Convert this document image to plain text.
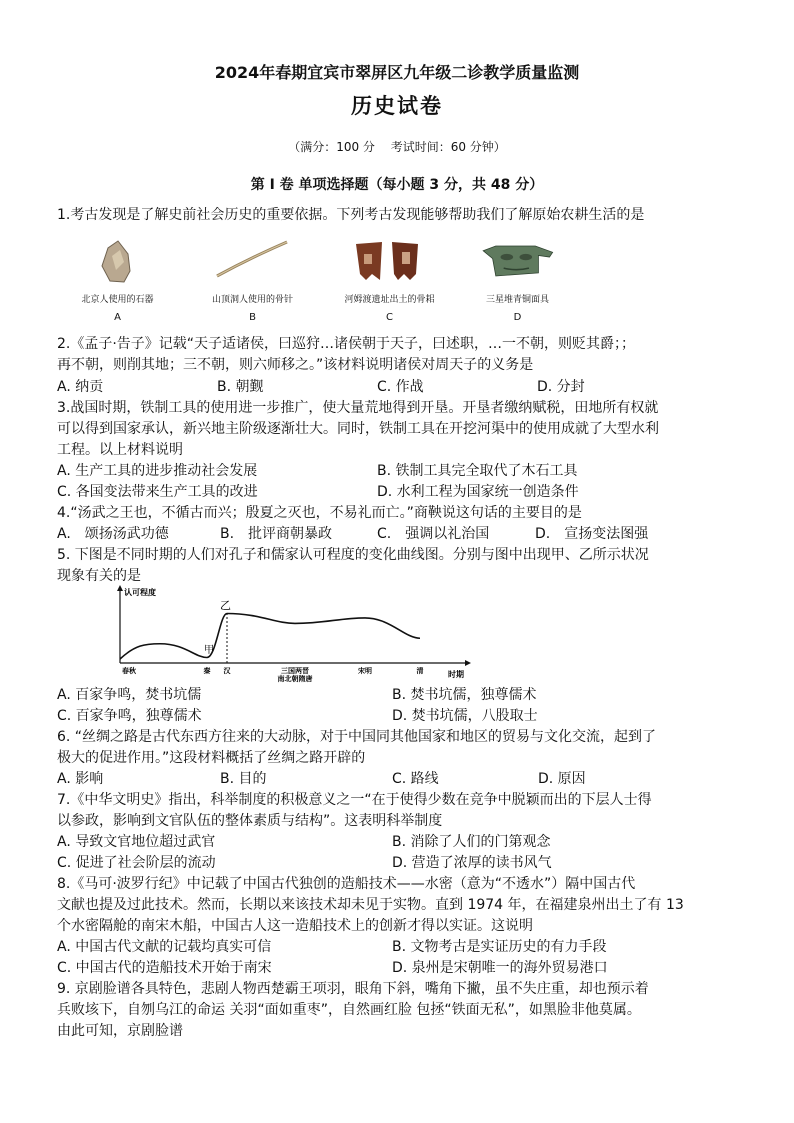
2024年春期宜宾市翠屏区九年级二诊教学质量监测
历史试卷
（满分：100 分　 考试时间：60 分钟）
第 I 卷 单项选择题（每小题 3 分，共 48 分）
1.考古发现是了解史前社会历史的重要依据。下列考古发现能够帮助我们了解原始农耕生活的是
北京人使用的石器
A
山顶洞人使用的骨针
B
河姆渡遗址出土的骨耜
C
三星堆青铜面具
D
2.《孟子·告子》记载“天子适诸侯，曰巡狩…诸侯朝于天子，曰述职，…一不朝，则贬其爵；；
再不朝，则削其地；三不朝，则六师移之。”该材料说明诸侯对周天子的义务是
A. 纳贡	B. 朝觐	C. 作战	D. 分封
3.战国时期，铁制工具的使用进一步推广，使大量荒地得到开垦。开垦者缴纳赋税，田地所有权就
可以得到国家承认，新兴地主阶级逐渐壮大。同时，铁制工具在开挖河渠中的使用成就了大型水利
工程。以上材料说明
A. 生产工具的进步推动社会发展	B. 铁制工具完全取代了木石工具
C. 各国变法带来生产工具的改进	D. 水利工程为国家统一创造条件
4.“汤武之王也，不循古而兴；殷夏之灭也，不易礼而亡。”商鞅说这句话的主要目的是
A.　颂扬汤武功德	B.　批评商朝暴政	C.　强调以礼治国	D.　宣扬变法图强
5. 下图是不同时期的人们对孔子和儒家认可程度的变化曲线图。分别与图中出现甲、乙所示状况
现象有关的是
认可程度
时期
春秋	秦 汉	三国两晋南北朝隋唐
宋明	清
甲
乙
A. 百家争鸣，焚书坑儒	B. 焚书坑儒，独尊儒术
C. 百家争鸣，独尊儒术	D. 焚书坑儒，八股取士
6. “丝绸之路是古代东西方往来的大动脉，对于中国同其他国家和地区的贸易与文化交流，起到了
极大的促进作用。”这段材料概括了丝绸之路开辟的
A. 影响	B. 目的	C. 路线	D. 原因
7.《中华文明史》指出，科举制度的积极意义之一“在于使得少数在竞争中脱颖而出的下层人士得
以参政，影响到文官队伍的整体素质与结构”。这表明科举制度
A. 导致文官地位超过武官	B. 消除了人们的门第观念
C. 促进了社会阶层的流动	D. 营造了浓厚的读书风气
8.《马可·波罗行纪》中记载了中国古代独创的造船技术——水密（意为“不透水”）隔中国古代
文献也提及过此技术。然而，长期以来该技术却未见于实物。直到 1974 年，在福建泉州出土了有 13
个水密隔舱的南宋木船，中国古人这一造船技术上的创新才得以实证。这说明
A. 中国古代文献的记载均真实可信	B. 文物考古是实证历史的有力手段
C. 中国古代的造船技术开始于南宋	D. 泉州是宋朝唯一的海外贸易港口
9. 京剧脸谱各具特色，悲剧人物西楚霸王项羽，眼角下斜，嘴角下撇，虽不失庄重，却也预示着
兵败垓下，自刎乌江的命运 关羽“面如重枣”，自然画红脸 包拯“铁面无私”，如黑脸非他莫属。
由此可知，京剧脸谱
